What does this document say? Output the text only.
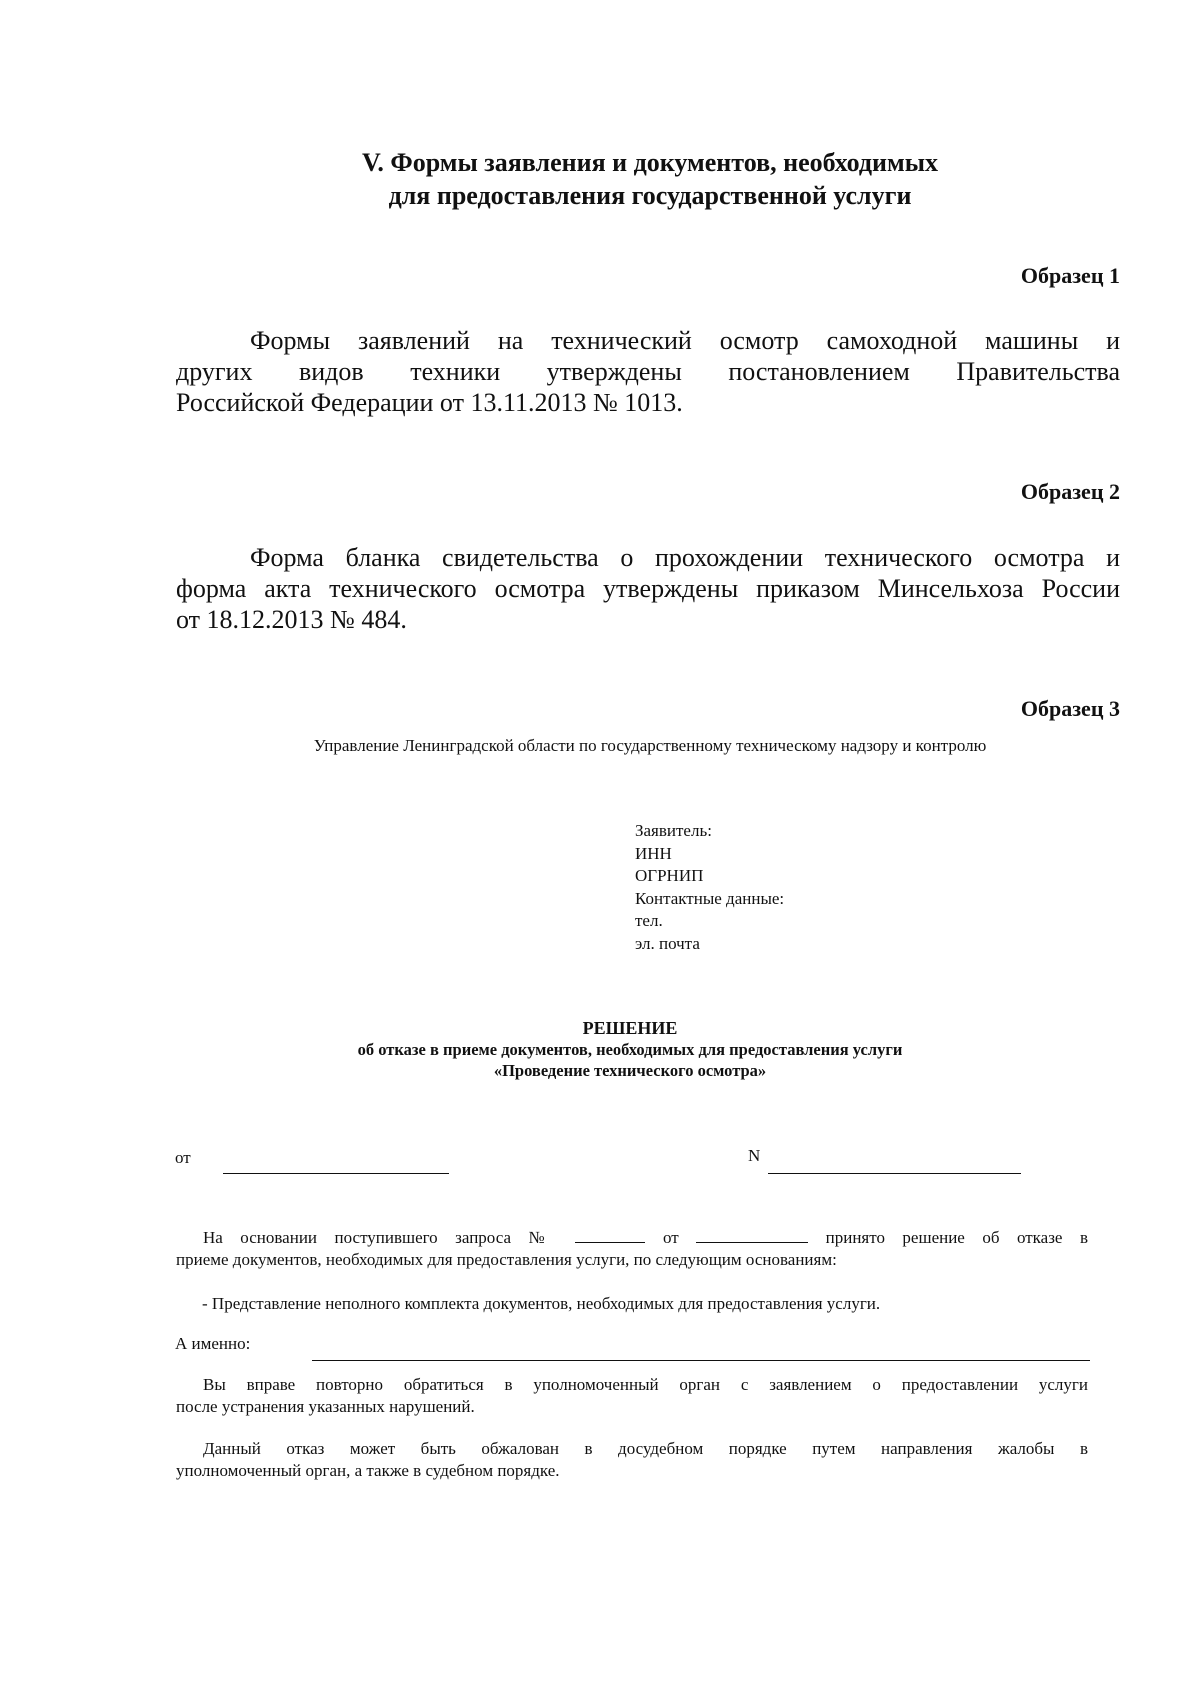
V. Формы заявления и документов, необходимых
для предоставления государственной услуги
Образец 1
Формы заявлений на технический осмотр самоходной машины и
других видов техники утверждены постановлением Правительства
Российской Федерации от 13.11.2013 № 1013.
Образец 2
Форма бланка свидетельства о прохождении технического осмотра и
форма акта технического осмотра утверждены приказом Минсельхоза России
от 18.12.2013 № 484.
Образец 3
Управление Ленинградской области по государственному техническому надзору и контролю
Заявитель:
ИНН
ОГРНИП
Контактные данные:
тел.
эл. почта
РЕШЕНИЕ
об отказе в приеме документов, необходимых для предоставления услуги
«Проведение технического осмотра»
от	N
На основании поступившего запроса №	от	принято решение об отказе в
приеме документов, необходимых для предоставления услуги, по следующим основаниям:
- Представление неполного комплекта документов, необходимых для предоставления услуги.
А именно:
Вы вправе повторно обратиться в уполномоченный орган с заявлением о предоставлении услуги
после устранения указанных нарушений.
Данный отказ может быть обжалован в досудебном порядке путем направления жалобы в
уполномоченный орган, а также в судебном порядке.
